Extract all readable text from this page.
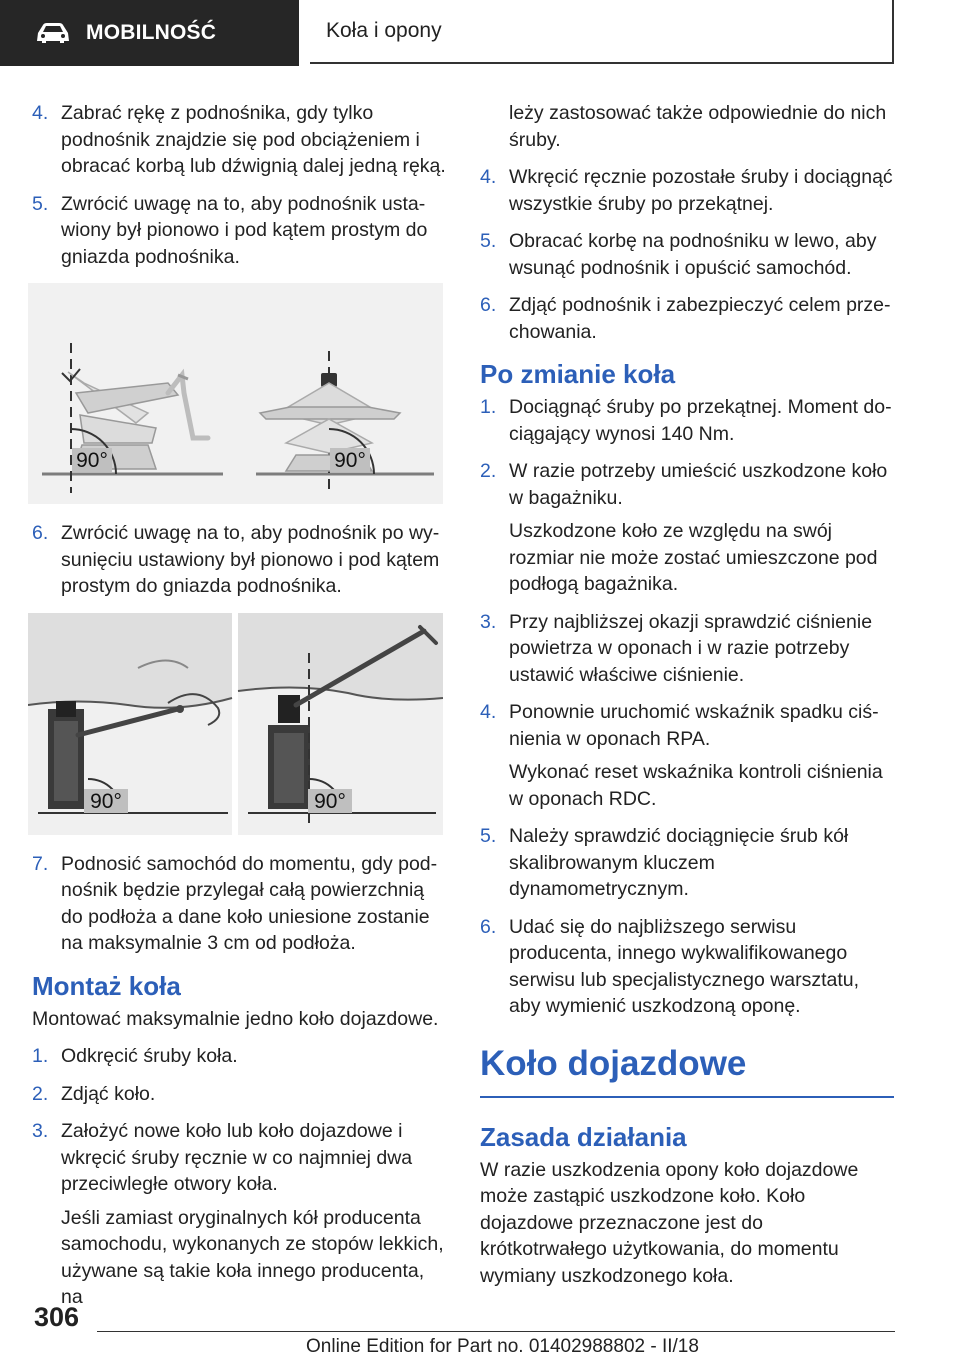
MOBILNOŚĆ	Koła i opony
4. Zabrać rękę z podnośnika, gdy tylko podnośnik znajdzie się pod obciążeniem i obracać korbą lub dźwignią dalej jedną ręką.
5. Zwrócić uwagę na to, aby podnośnik ustawiony był pionowo i pod kątem prostym do gniazda podnośnika.
90°	90°
6. Zwrócić uwagę na to, aby podnośnik po wysunięciu ustawiony był pionowo i pod kątem prostym do gniazda podnośnika.
90°	90°
7. Podnosić samochód do momentu, gdy podnośnik będzie przylegał całą powierzchnią do podłoża a dane koło uniesione zostanie na maksymalnie 3 cm od podłoża.
Montaż koła
Montować maksymalnie jedno koło dojazdowe.
1. Odkręcić śruby koła.
2. Zdjąć koło.
3. Założyć nowe koło lub koło dojazdowe i wkręcić śruby ręcznie w co najmniej dwa przeciwległe otwory koła.
Jeśli zamiast oryginalnych kół producenta samochodu, wykonanych ze stopów lekkich, używane są takie koła innego producenta, na
leży zastosować także odpowiednie do nich śruby.
4. Wkręcić ręcznie pozostałe śruby i dociągnąć wszystkie śruby po przekątnej.
5. Obracać korbę na podnośniku w lewo, aby wsunąć podnośnik i opuścić samochód.
6. Zdjąć podnośnik i zabezpieczyć celem przechowania.
Po zmianie koła
1. Dociągnąć śruby po przekątnej. Moment dociągający wynosi 140 Nm.
2. W razie potrzeby umieścić uszkodzone koło w bagażniku.
Uszkodzone koło ze względu na swój rozmiar nie może zostać umieszczone pod podłogą bagażnika.
3. Przy najbliższej okazji sprawdzić ciśnienie powietrza w oponach i w razie potrzeby ustawić właściwe ciśnienie.
4. Ponownie uruchomić wskaźnik spadku ciśnienia w oponach RPA.
Wykonać reset wskaźnika kontroli ciśnienia w oponach RDC.
5. Należy sprawdzić dociągnięcie śrub kół skalibrowanym kluczem dynamometrycznym.
6. Udać się do najbliższego serwisu producenta, innego wykwalifikowanego serwisu lub specjalistycznego warsztatu, aby wymienić uszkodzoną oponę.
Koło dojazdowe
Zasada działania
W razie uszkodzenia opony koło dojazdowe może zastąpić uszkodzone koło. Koło dojazdowe przeznaczone jest do krótkotrwałego użytkowania, do momentu wymiany uszkodzonego koła.
306
Online Edition for Part no. 01402988802 - II/18
